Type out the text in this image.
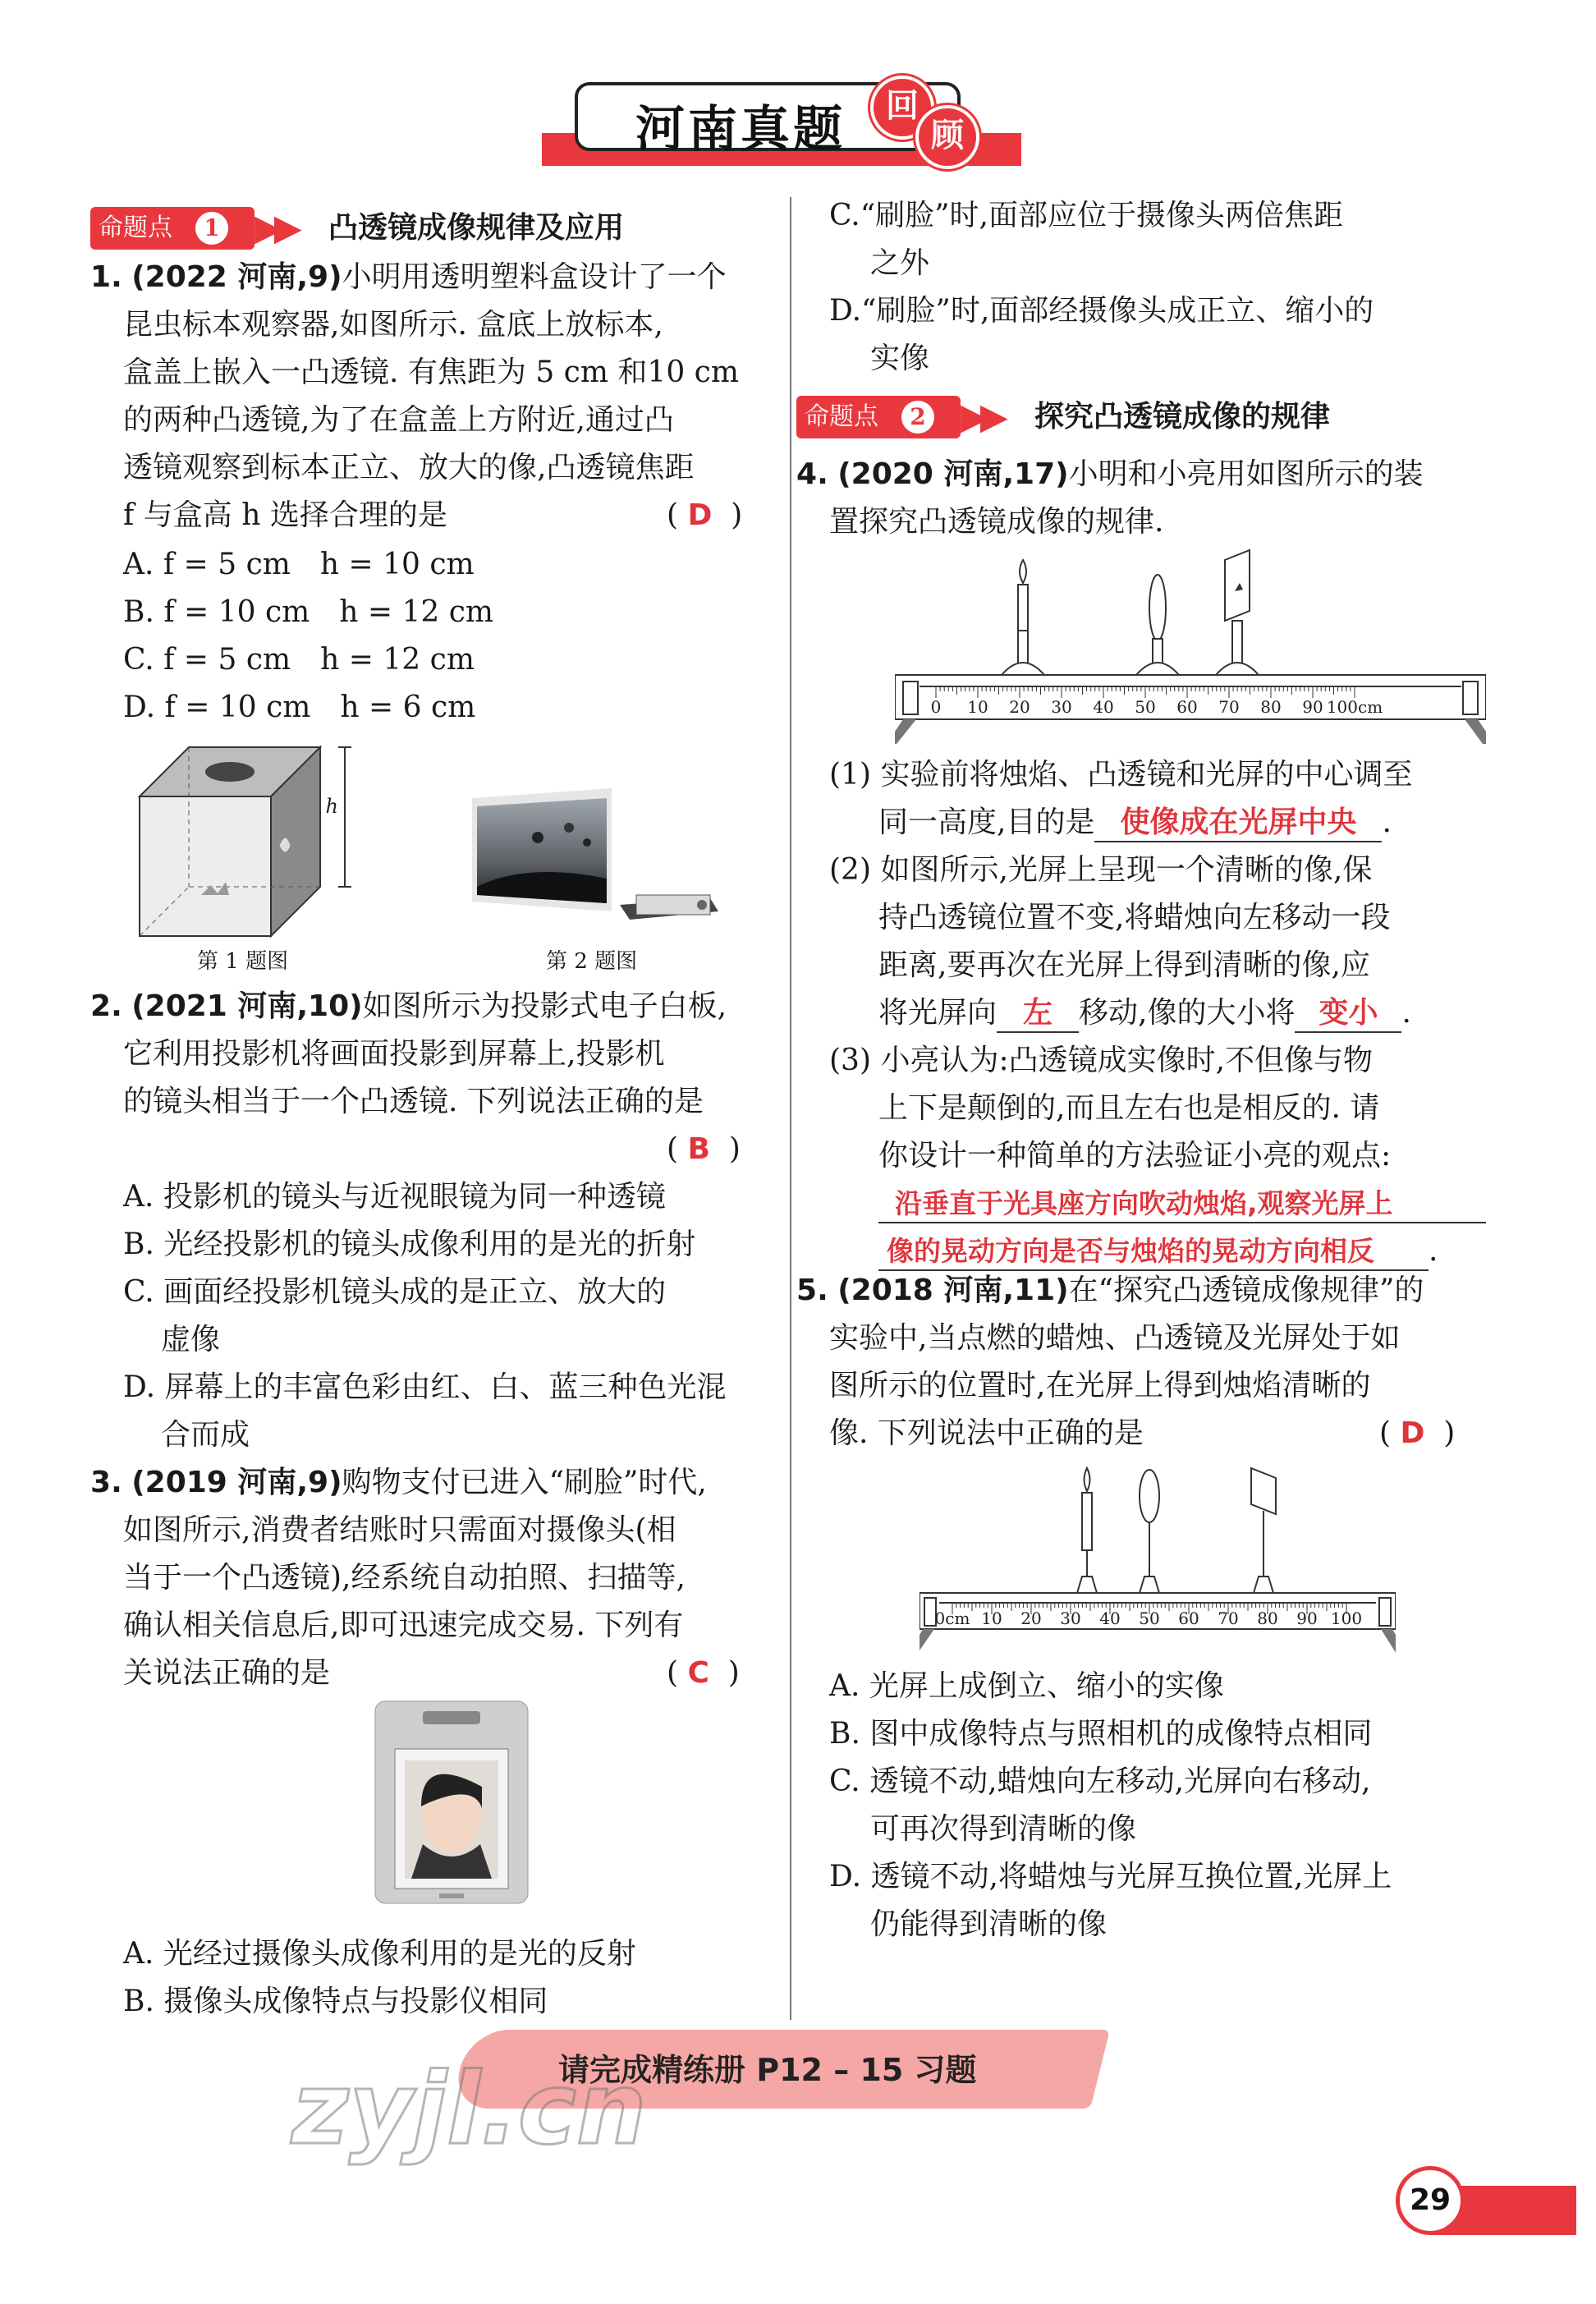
河南真题	回
顾
命题点	1 ▶▶ 凸透镜成像规律及应用
1. (2022 河南,9)小明用透明塑料盒设计了一个
昆虫标本观察器,如图所示. 盒底上放标本,
盒盖上嵌入一凸透镜. 有焦距为 5 cm 和10 cm
的两种凸透镜,为了在盒盖上方附近,通过凸
透镜观察到标本正立、放大的像,凸透镜焦距
f 与盒高 h 选择合理的是	( D  )
A. f = 5 cm　h = 10 cm
B. f = 10 cm　h = 12 cm
C. f = 5 cm　h = 12 cm
D. f = 10 cm　h = 6 cm
h
第 1 题图	第 2 题图
2. (2021 河南,10)如图所示为投影式电子白板,
它利用投影机将画面投影到屏幕上,投影机
的镜头相当于一个凸透镜. 下列说法正确的是
( B  )
A. 投影机的镜头与近视眼镜为同一种透镜
B. 光经投影机的镜头成像利用的是光的折射
C. 画面经投影机镜头成的是正立、放大的
虚像
D. 屏幕上的丰富色彩由红、白、蓝三种色光混
合而成
3. (2019 河南,9)购物支付已进入“刷脸”时代,
如图所示,消费者结账时只需面对摄像头(相
当于一个凸透镜),经系统自动拍照、扫描等,
确认相关信息后,即可迅速完成交易. 下列有
关说法正确的是	( C  )
A. 光经过摄像头成像利用的是光的反射
B. 摄像头成像特点与投影仪相同
C.“刷脸”时,面部应位于摄像头两倍焦距
之外
D.“刷脸”时,面部经摄像头成正立、缩小的
实像
命题点	2 ▶▶ 探究凸透镜成像的规律
4. (2020 河南,17)小明和小亮用如图所示的装
置探究凸透镜成像的规律.
0 10 20 30 40 50 60 70 80 90 100cm
(1) 实验前将烛焰、凸透镜和光屏的中心调至
同一高度,目的是 使像成在光屏中央 .
(2) 如图所示,光屏上呈现一个清晰的像,保
持凸透镜位置不变,将蜡烛向左移动一段
距离,要再次在光屏上得到清晰的像,应
将光屏向 左 移动,像的大小将 变小 .
(3) 小亮认为:凸透镜成实像时,不但像与物
上下是颠倒的,而且左右也是相反的. 请
你设计一种简单的方法验证小亮的观点:
沿垂直于光具座方向吹动烛焰,观察光屏上
像的晃动方向是否与烛焰的晃动方向相反 .
5. (2018 河南,11)在“探究凸透镜成像规律”的
实验中,当点燃的蜡烛、凸透镜及光屏处于如
图所示的位置时,在光屏上得到烛焰清晰的
像. 下列说法中正确的是	( D  )
0cm 10 20 30 40 50 60 70 80 90 100
A. 光屏上成倒立、缩小的实像
B. 图中成像特点与照相机的成像特点相同
C. 透镜不动,蜡烛向左移动,光屏向右移动,
可再次得到清晰的像
D. 透镜不动,将蜡烛与光屏互换位置,光屏上
仍能得到清晰的像
请完成精练册 P12 – 15 习题
zyjl.cn
29
